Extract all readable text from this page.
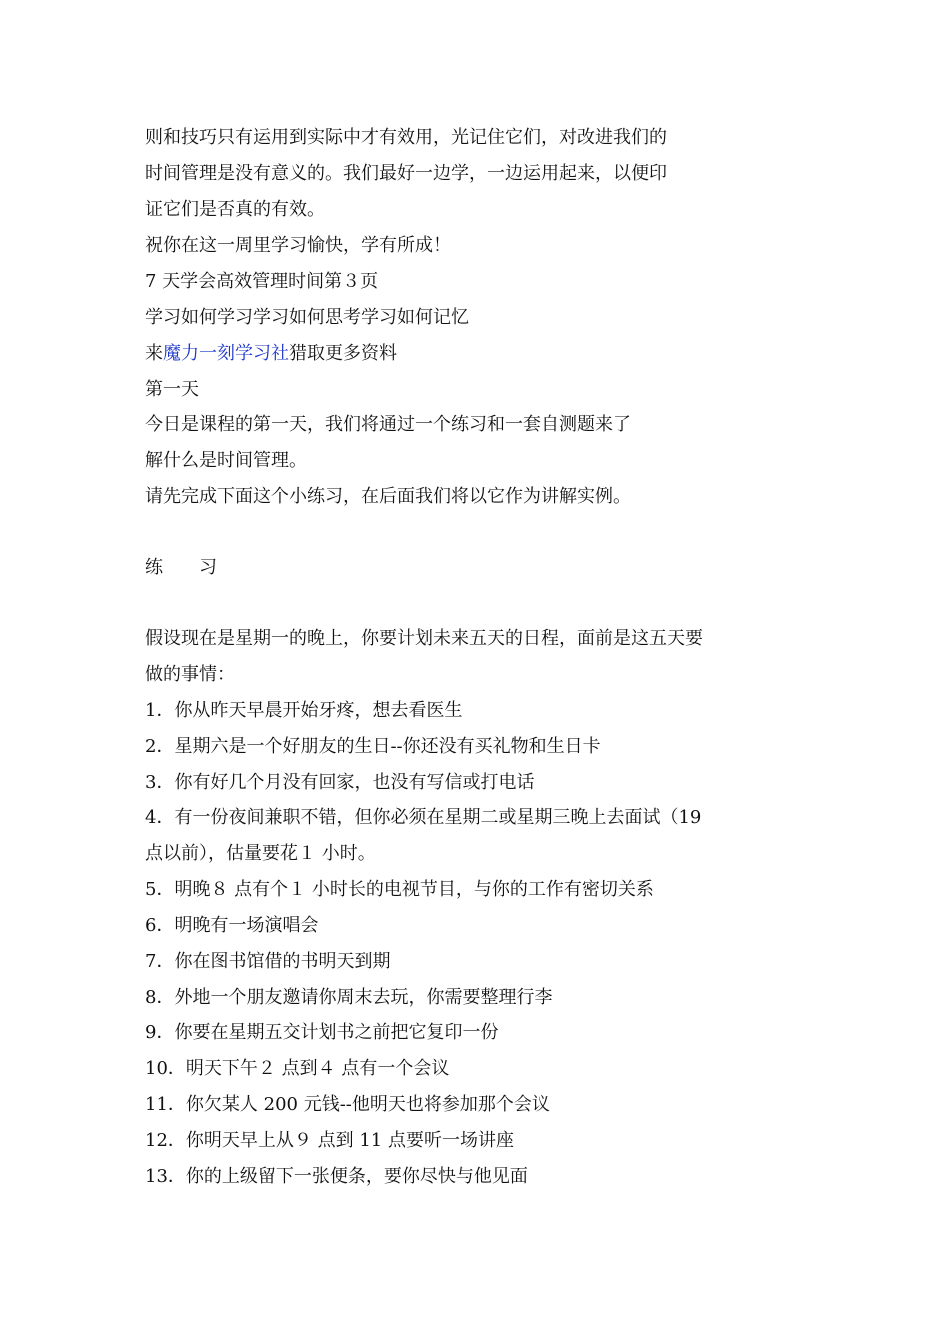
则和技巧只有运用到实际中才有效用，光记住它们，对改进我们的
时间管理是没有意义的。我们最好一边学，一边运用起来，以便印
证它们是否真的有效。
祝你在这一周里学习愉快，学有所成！
7 天学会高效管理时间第３页
学习如何学习学习如何思考学习如何记忆
来魔力一刻学习社猎取更多资料
第一天
今日是课程的第一天，我们将通过一个练习和一套自测题来了
解什么是时间管理。
请先完成下面这个小练习，在后面我们将以它作为讲解实例。
练　　习
假设现在是星期一的晚上，你要计划未来五天的日程，面前是这五天要
做的事情：
1．你从昨天早晨开始牙疼，想去看医生
2．星期六是一个好朋友的生日--你还没有买礼物和生日卡
3．你有好几个月没有回家，也没有写信或打电话
4．有一份夜间兼职不错，但你必须在星期二或星期三晚上去面试（19
点以前），估量要花１ 小时。
5．明晚８ 点有个１ 小时长的电视节目，与你的工作有密切关系
6．明晚有一场演唱会
7．你在图书馆借的书明天到期
8．外地一个朋友邀请你周末去玩，你需要整理行李
9．你要在星期五交计划书之前把它复印一份
10．明天下午２ 点到４ 点有一个会议
11．你欠某人 200 元钱--他明天也将参加那个会议
12．你明天早上从９ 点到 11 点要听一场讲座
13．你的上级留下一张便条，要你尽快与他见面
